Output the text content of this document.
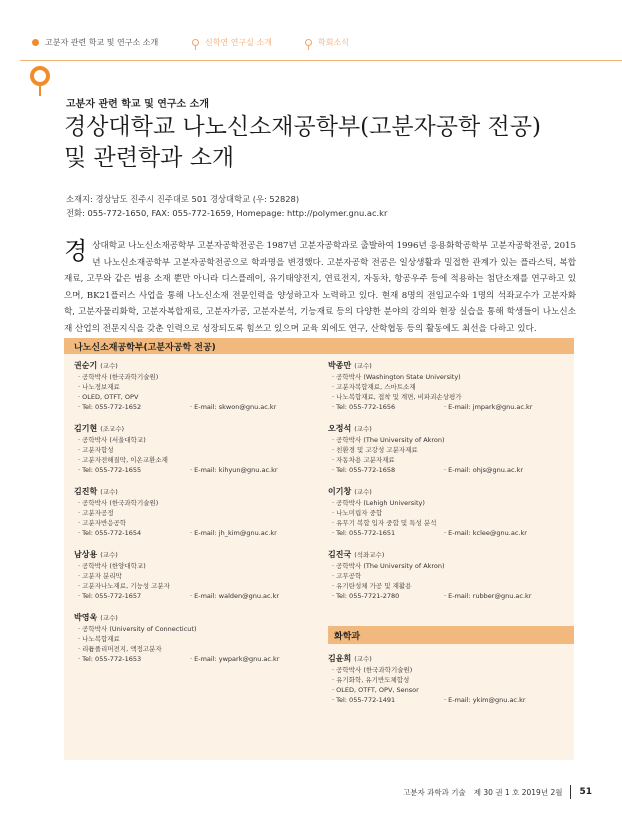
고분자 관련 학교 및 연구소 소개	신학연 연구실 소개	학회소식
고분자 관련 학교 및 연구소 소개
경상대학교 나노신소재공학부(고분자공학 전공)
및 관련학과 소개
소재지: 경상남도 진주시 진주대로 501 경상대학교 (우: 52828)
전화: 055-772-1650, FAX: 055-772-1659, Homepage: http://polymer.gnu.ac.kr
경 상대학교 나노신소재공학부 고분자공학전공은 1987년 고분자공학과로 출발하여 1996년 응용화학공학부 고분자공학전공, 2015년 나노신소재공학부 고분자공학전공으로 학과명을 변경했다. 고분자공학 전공은 일상생활과 밀접한 관계가 있는 플라스틱, 복합재료, 고무와 같은 범용 소재 뿐만 아니라 디스플레이, 유기태양전지, 연료전지, 자동차, 항공우주 등에 적용하는 첨단소재를 연구하고 있으며, BK21플러스 사업을 통해 나노신소재 전문인력을 양성하고자 노력하고 있다. 현재 8명의 전임교수와 1명의 석좌교수가 고분자화학, 고분자물리화학, 고분자복합재료, 고분자가공, 고분자분석, 기능재료 등의 다양한 분야의 강의와 현장 실습을 통해 학생들이 나노신소재 산업의 전문지식을 갖춘 인력으로 성장되도록 힘쓰고 있으며 교육 외에도 연구, 산학협동 등의 활동에도 최선을 다하고 있다.
나노신소재공학부(고분자공학 전공)
권순기 (교수)
· 공학박사 (한국과학기술원)
· 나노정보재료
· OLED, OTFT, OPV
· Tel: 055-772-1652	· E-mail: skwon@gnu.ac.kr
김기현 (조교수)
· 공학박사 (서울대학교)
· 고분자합성
· 고분자전해질막, 이온교환소재
· Tel: 055-772-1655	· E-mail: kihyun@gnu.ac.kr
김진학 (교수)
· 공학박사 (한국과학기술원)
· 고분자공정
· 고분자반응공학
· Tel: 055-772-1654	· E-mail: jh_kim@gnu.ac.kr
남상용 (교수)
· 공학박사 (한양대학교)
· 고분자 분리막
· 고분자나노재료, 기능성 고분자
· Tel: 055-772-1657	· E-mail: walden@gnu.ac.kr
박영욱 (교수)
· 공학박사 (University of Connecticut)
· 나노복합재료
· 리튬폴리머전지, 액정고분자
· Tel: 055-772-1653	· E-mail: ywpark@gnu.ac.kr
박종만 (교수)
· 공학박사 (Washington State University)
· 고분자복합재료, 스마트소재
· 나노복합재료, 접착 및 계면, 비파괴손상평가
· Tel: 055-772-1656	· E-mail: jmpark@gnu.ac.kr
오정석 (교수)
· 공학박사 (The University of Akron)
· 친환경 및 고강성 고분자재료
· 자동차용 고분자재료
· Tel: 055-772-1658	· E-mail: ohjs@gnu.ac.kr
이기창 (교수)
· 공학박사 (Lehigh University)
· 나노미립자 중합
· 유무기 복합 입자 중합 및 특성 분석
· Tel: 055-772-1651	· E-mail: kclee@gnu.ac.kr
김진국 (석좌교수)
· 공학박사 (The University of Akron)
· 고무공학
· 유기탄성체 가공 및 재활용
· Tel: 055-7721-2780	· E-mail: rubber@gnu.ac.kr
화학과
김윤희 (교수)
· 공학박사 (한국과학기술원)
· 유기화학, 유기반도체합성
· OLED, OTFT, OPV, Sensor
· Tel: 055-772-1491	· E-mail: ykim@gnu.ac.kr
고분자 과학과 기술 제 30 권 1 호 2019년 2월 51
